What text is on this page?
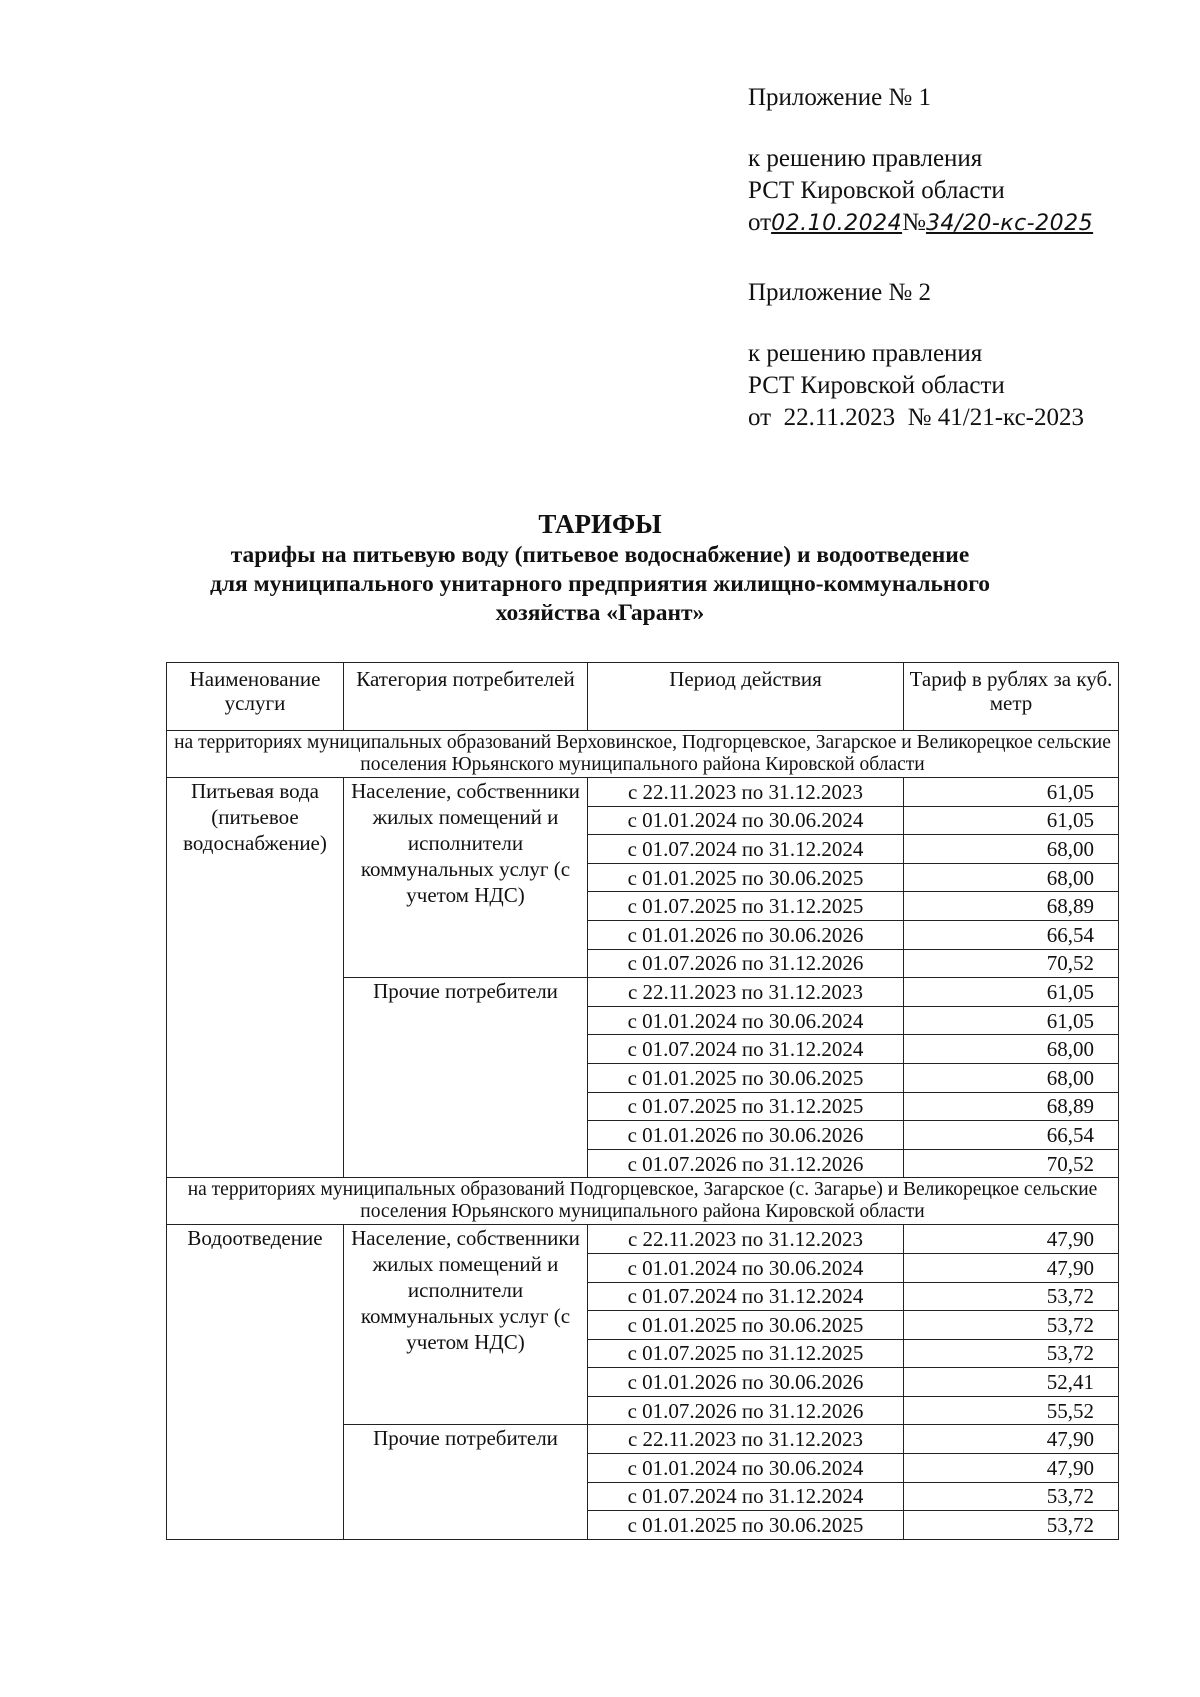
Приложение № 1

к решению правления

РСТ Кировской области

от02.10.2024№34/20-кс-2025

Приложение № 2

к решению правления

РСТ Кировской области

от  22.11.2023  № 41/21-кс-2023

ТАРИФЫ
тарифы на питьевую воду (питьевое водоснабжение) и водоотведение
для муниципального унитарного предприятия жилищно-коммунального
хозяйства «Гарант»
Наименование услуги	Категория потребителей	Период действия	Тариф в рублях за куб. метр
на территориях муниципальных образований Верховинское, Подгорцевское, Загарское и Великорецкое сельские поселения Юрьянского муниципального района Кировской области			
Питьевая вода (питьевое водоснабжение)	Население, собственники жилых помещений и исполнители коммунальных услуг (с учетом НДС)	с 22.11.2023 по 31.12.2023	61,05
		с 01.01.2024 по 30.06.2024	61,05
		с 01.07.2024 по 31.12.2024	68,00
		с 01.01.2025 по 30.06.2025	68,00
		с 01.07.2025 по 31.12.2025	68,89
		с 01.01.2026 по 30.06.2026	66,54
		с 01.07.2026 по 31.12.2026	70,52
	Прочие потребители	с 22.11.2023 по 31.12.2023	61,05
		с 01.01.2024 по 30.06.2024	61,05
		с 01.07.2024 по 31.12.2024	68,00
		с 01.01.2025 по 30.06.2025	68,00
		с 01.07.2025 по 31.12.2025	68,89
		с 01.01.2026 по 30.06.2026	66,54
		с 01.07.2026 по 31.12.2026	70,52
на территориях муниципальных образований Подгорцевское, Загарское (с. Загарье) и Великорецкое сельские поселения Юрьянского муниципального района Кировской области			
Водоотведение	Население, собственники жилых помещений и исполнители коммунальных услуг (с учетом НДС)	с 22.11.2023 по 31.12.2023	47,90
		с 01.01.2024 по 30.06.2024	47,90
		с 01.07.2024 по 31.12.2024	53,72
		с 01.01.2025 по 30.06.2025	53,72
		с 01.07.2025 по 31.12.2025	53,72
		с 01.01.2026 по 30.06.2026	52,41
		с 01.07.2026 по 31.12.2026	55,52
	Прочие потребители	с 22.11.2023 по 31.12.2023	47,90
		с 01.01.2024 по 30.06.2024	47,90
		с 01.07.2024 по 31.12.2024	53,72
		с 01.01.2025 по 30.06.2025	53,72
